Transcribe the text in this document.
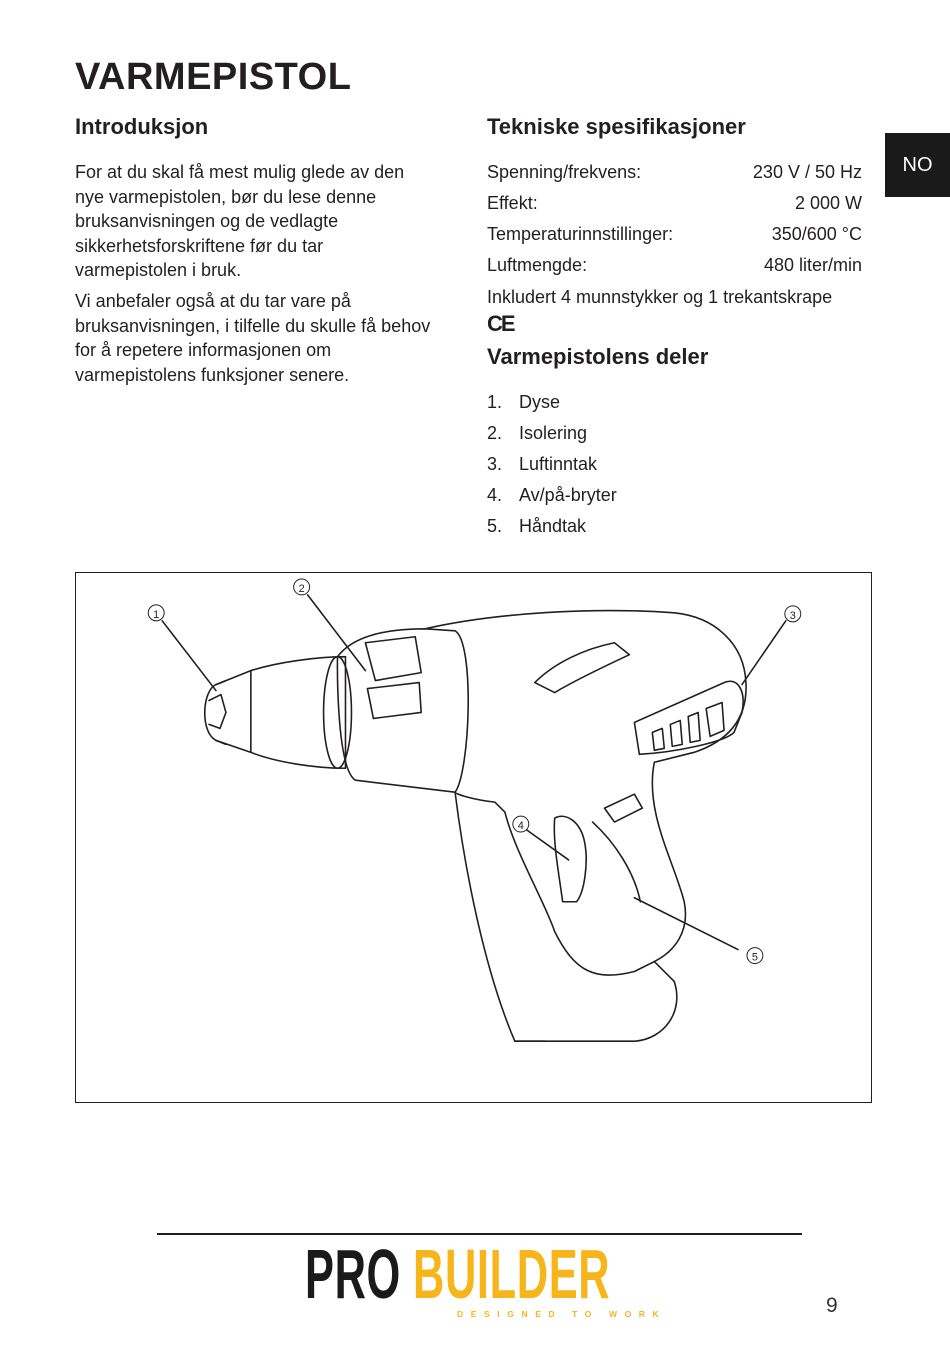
VARMEPISTOL
NO
Introduksjon

For at du skal få mest mulig glede av den nye varmepistolen, bør du lese denne bruksanvisningen og de vedlagte sikkerhetsforskriftene før du tar varmepistolen i bruk.

Vi anbefaler også at du tar vare på bruksanvisningen, i tilfelle du skulle få behov for å repetere informasjonen om varmepistolens funksjoner senere.

Tekniske spesifikasjoner
Spenning/frekvens:	230 V / 50 Hz
Effekt:	2 000 W
Temperaturinnstillinger:	350/600 °C
Luftmengde:	480 liter/min
Inkludert 4 munnstykker og 1 trekantskrape
CE
Varmepistolens deler
1. Dyse
2. Isolering
3. Luftinntak
4. Av/på-bryter
5. Håndtak
1
2
3
4
5
PRO BUILDER
DESIGNED TO WORK	9
